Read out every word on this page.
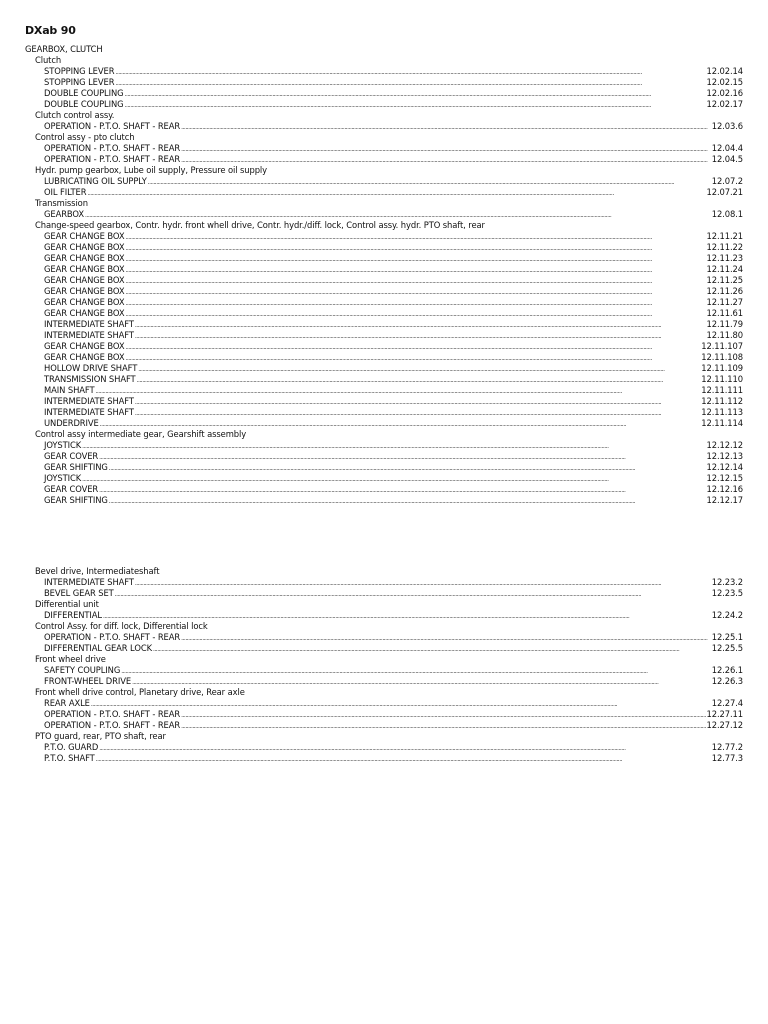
DXab 90
GEARBOX, CLUTCH
Clutch
STOPPING LEVER .....	12.02.14
STOPPING LEVER .....	12.02.15
DOUBLE COUPLING .....	12.02.16
DOUBLE COUPLING .....	12.02.17
Clutch control assy.
OPERATION - P.T.O. SHAFT - REAR .....	12.03.6
Control assy - pto clutch
OPERATION - P.T.O. SHAFT - REAR .....	12.04.4
OPERATION - P.T.O. SHAFT - REAR .....	12.04.5
Hydr. pump gearbox, Lube oil supply, Pressure oil supply
LUBRICATING OIL SUPPLY .....	12.07.2
OIL FILTER .....	12.07.21
Transmission
GEARBOX .....	12.08.1
Change-speed gearbox, Contr. hydr. front whell drive, Contr. hydr./diff. lock, Control assy. hydr. PTO shaft, rear
GEAR CHANGE BOX .....	12.11.21
GEAR CHANGE BOX .....	12.11.22
GEAR CHANGE BOX .....	12.11.23
GEAR CHANGE BOX .....	12.11.24
GEAR CHANGE BOX .....	12.11.25
GEAR CHANGE BOX .....	12.11.26
GEAR CHANGE BOX .....	12.11.27
GEAR CHANGE BOX .....	12.11.61
INTERMEDIATE SHAFT .....	12.11.79
INTERMEDIATE SHAFT .....	12.11.80
GEAR CHANGE BOX .....	12.11.107
GEAR CHANGE BOX .....	12.11.108
HOLLOW DRIVE SHAFT .....	12.11.109
TRANSMISSION SHAFT .....	12.11.110
MAIN SHAFT .....	12.11.111
INTERMEDIATE SHAFT .....	12.11.112
INTERMEDIATE SHAFT .....	12.11.113
UNDERDRIVE .....	12.11.114
Control assy intermediate gear, Gearshift assembly
JOYSTICK .....	12.12.12
GEAR COVER .....	12.12.13
GEAR SHIFTING .....	12.12.14
JOYSTICK .....	12.12.15
GEAR COVER .....	12.12.16
GEAR SHIFTING .....	12.12.17
Bevel drive, Intermediateshaft
INTERMEDIATE SHAFT .....	12.23.2
BEVEL GEAR SET .....	12.23.5
Differential unit
DIFFERENTIAL .....	12.24.2
Control Assy. for diff. lock, Differential lock
OPERATION - P.T.O. SHAFT - REAR .....	12.25.1
DIFFERENTIAL GEAR LOCK .....	12.25.5
Front wheel drive
SAFETY COUPLING .....	12.26.1
FRONT-WHEEL DRIVE .....	12.26.3
Front whell drive control, Planetary drive, Rear axle
REAR AXLE .....	12.27.4
OPERATION - P.T.O. SHAFT - REAR .....	12.27.11
OPERATION - P.T.O. SHAFT - REAR .....	12.27.12
PTO guard, rear, PTO shaft, rear
P.T.O. GUARD .....	12.77.2
P.T.O. SHAFT .....	12.77.3
